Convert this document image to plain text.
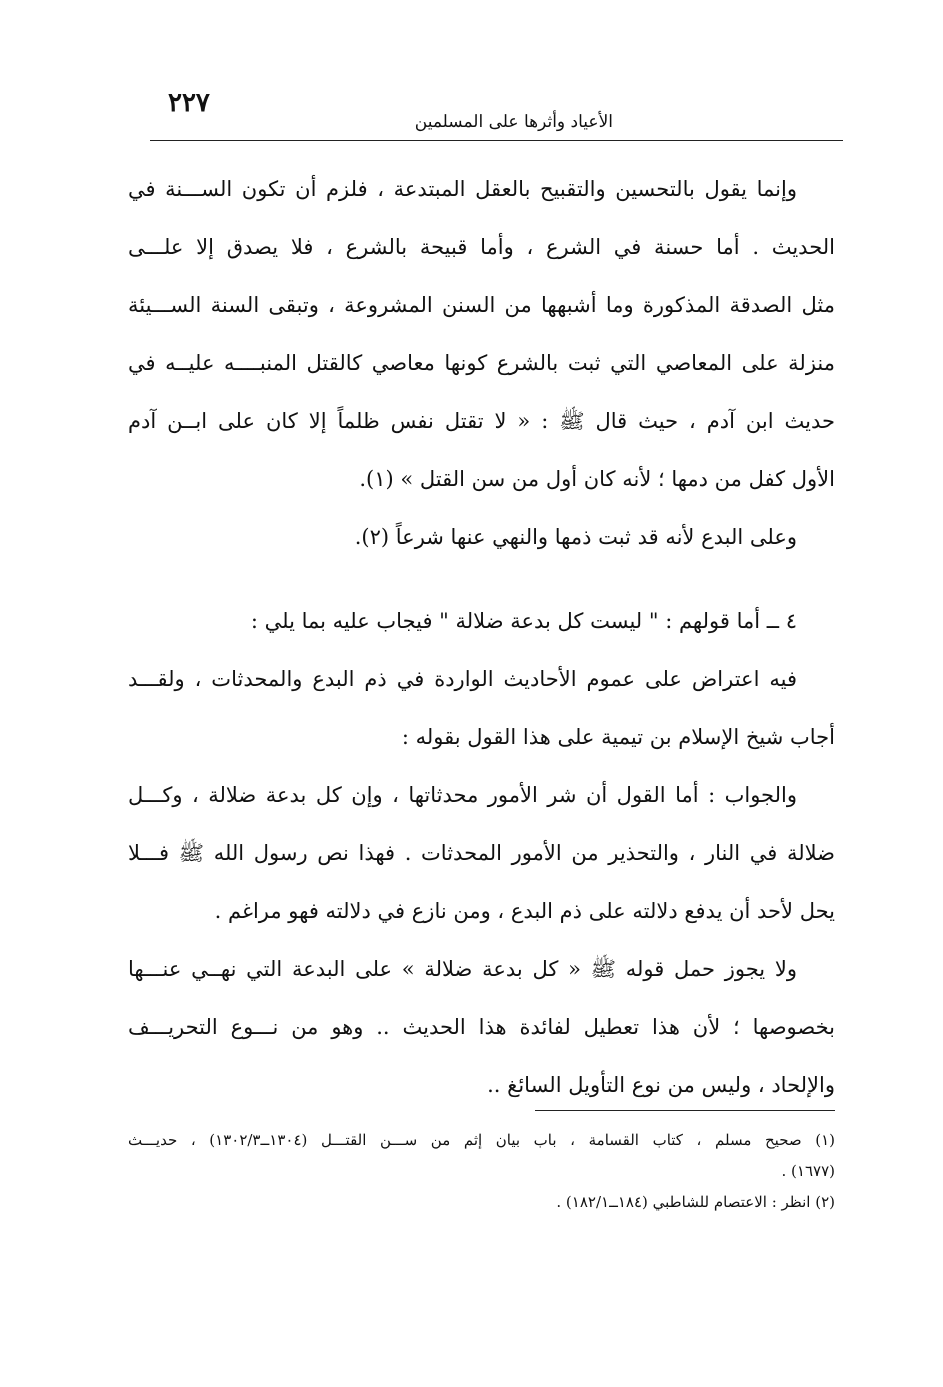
٢٢٧
الأعياد وأثرها على المسلمين
وإنما يقول بالتحسين والتقبيح بالعقل المبتدعة ، فلزم أن تكون الســـنة في
الحديث . أما حسنة في الشرع ، وأما قبيحة بالشرع ، فلا يصدق إلا علـــى
مثل الصدقة المذكورة وما أشبهها من السنن المشروعة ، وتبقى السنة الســـيئة
منزلة على المعاصي التي ثبت بالشرع كونها معاصي كالقتل المنبــــه عليــه في
حديث ابن آدم ، حيث قال ﷺ : « لا تقتل نفس ظلماً إلا كان على ابــن آدم
الأول كفل من دمها ؛ لأنه كان أول من سن القتل » (١).
وعلى البدع لأنه قد ثبت ذمها والنهي عنها شرعاً (٢).
٤ ــ أما قولهم : " ليست كل بدعة ضلالة " فيجاب عليه بما يلي :
فيه اعتراض على عموم الأحاديث الواردة في ذم البدع والمحدثات ، ولقـــد
أجاب شيخ الإسلام بن تيمية على هذا القول بقوله :
والجواب : أما القول أن شر الأمور محدثاتها ، وإن كل بدعة ضلالة ، وكـــل
ضلالة في النار ، والتحذير من الأمور المحدثات . فهذا نص رسول الله ﷺ فـــلا
يحل لأحد أن يدفع دلالته على ذم البدع ، ومن نازع في دلالته فهو مراغم .
ولا يجوز حمل قوله ﷺ « كل بدعة ضلالة » على البدعة التي نهــي عنـــها
بخصوصها ؛ لأن هذا تعطيل لفائدة هذا الحديث .. وهو من نـــوع التحريـــف
والإلحاد ، وليس من نوع التأويل السائغ ..
(١) صحيح مسلم ، كتاب القسامة ، باب بيان إثم من ســـن القتـــل (١٣٠٤ــ١٣٠٢/٣) ، حديـــث
(١٦٧٧) .
(٢) انظر : الاعتصام للشاطبي (١٨٤ــ١٨٢/١) .
